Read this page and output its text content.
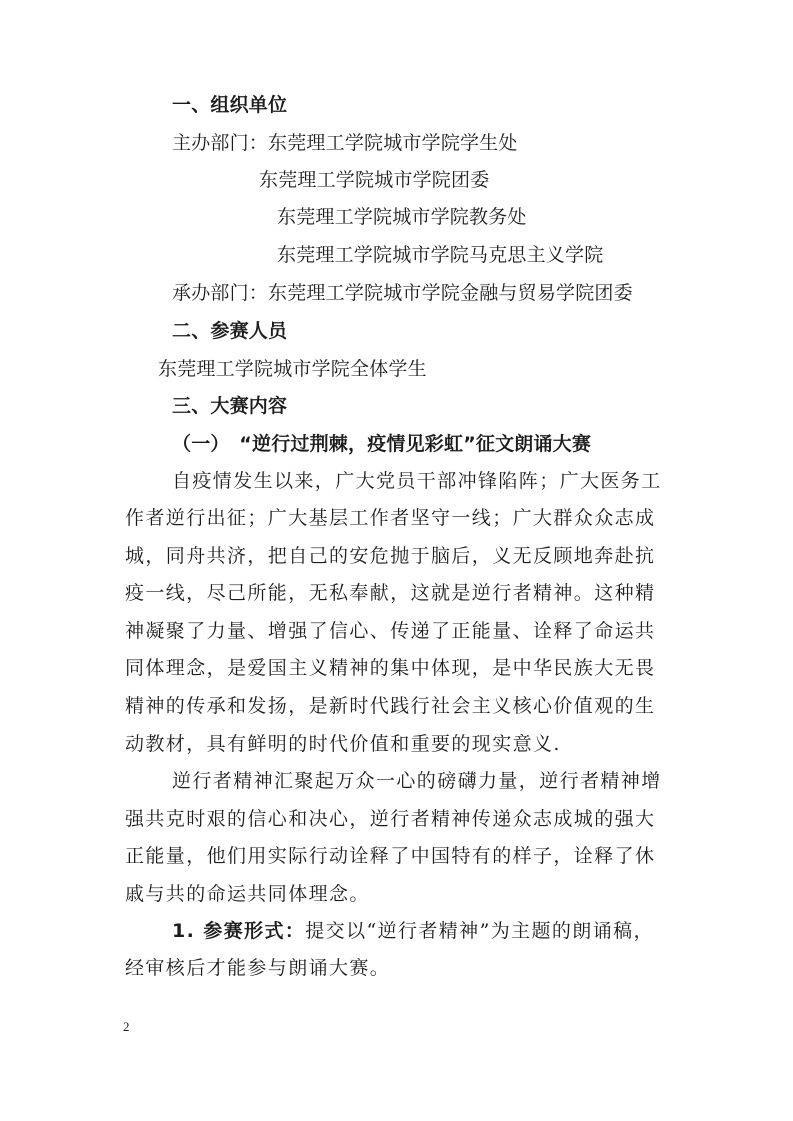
一、组织单位
主办部门：东莞理工学院城市学院学生处
东莞理工学院城市学院团委
东莞理工学院城市学院教务处
东莞理工学院城市学院马克思主义学院
承办部门：东莞理工学院城市学院金融与贸易学院团委
二、参赛人员
东莞理工学院城市学院全体学生
三、大赛内容
（一）　“逆行过荆棘，疫情见彩虹”征文朗诵大赛
自疫情发生以来，广大党员干部冲锋陷阵；广大医务工
作者逆行出征；广大基层工作者坚守一线；广大群众众志成
城，同舟共济，把自己的安危抛于脑后，义无反顾地奔赴抗
疫一线，尽己所能，无私奉献，这就是逆行者精神。这种精
神凝聚了力量、增强了信心、传递了正能量、诠释了命运共
同体理念，是爱国主义精神的集中体现，是中华民族大无畏
精神的传承和发扬，是新时代践行社会主义核心价值观的生
动教材，具有鲜明的时代价值和重要的现实意义.
逆行者精神汇聚起万众一心的磅礴力量，逆行者精神增
强共克时艰的信心和决心，逆行者精神传递众志成城的强大
正能量，他们用实际行动诠释了中国特有的样子，诠释了休
戚与共的命运共同体理念。
1. 参赛形式：提交以“逆行者精神”为主题的朗诵稿，
经审核后才能参与朗诵大赛。
2
